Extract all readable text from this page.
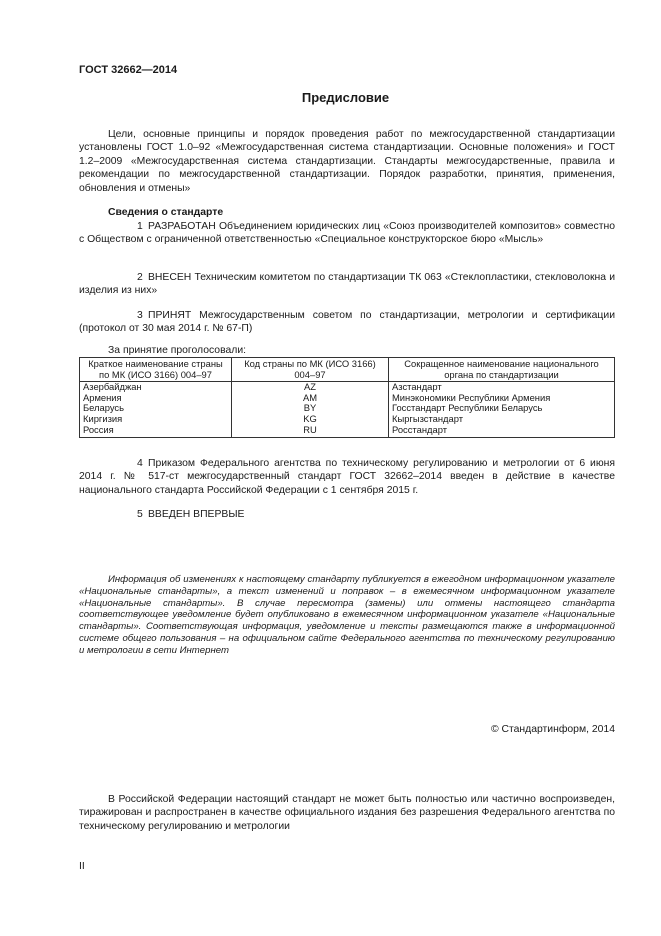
ГОСТ 32662—2014
Предисловие

Цели, основные принципы и порядок проведения работ по межгосударственной стандартизации установлены ГОСТ 1.0–92 «Межгосударственная система стандартизации. Основные положения» и ГОСТ 1.2–2009 «Межгосударственная система стандартизации. Стандарты межгосударственные, правила и рекомендации по межгосударственной стандартизации. Порядок разработки, принятия, применения, обновления и отмены»

Сведения о стандарте

1 РАЗРАБОТАН Объединением юридических лиц «Союз производителей композитов» совместно с Обществом с ограниченной ответственностью «Специальное конструкторское бюро «Мысль»

2 ВНЕСЕН Техническим комитетом по стандартизации ТК 063 «Стеклопластики, стекловолокна и изделия из них»

3 ПРИНЯТ Межгосударственным советом по стандартизации, метрологии и сертификации (протокол от 30 мая 2014 г. № 67-П)

За принятие проголосовали:
Краткое наименование страны по МК (ИСО 3166) 004–97	Код страны по МК (ИСО 3166) 004–97	Сокращенное наименование национального органа по стандартизации
Азербайджан	AZ	Азстандарт
Армения	AM	Минэкономики Республики Армения
Беларусь	BY	Госстандарт Республики Беларусь
Киргизия	KG	Кыргызстандарт
Россия	RU	Росстандарт

4 Приказом Федерального агентства по техническому регулированию и метрологии от 6 июня 2014 г. № 517-ст межгосударственный стандарт ГОСТ 32662–2014 введен в действие в качестве национального стандарта Российской Федерации с 1 сентября 2015 г.

5 ВВЕДЕН ВПЕРВЫЕ

Информация об изменениях к настоящему стандарту публикуется в ежегодном информационном указателе «Национальные стандарты», а текст изменений и поправок – в ежемесячном информационном указателе «Национальные стандарты». В случае пересмотра (замены) или отмены настоящего стандарта соответствующее уведомление будет опубликовано в ежемесячном информационном указателе «Национальные стандарты». Соответствующая информация, уведомление и тексты размещаются также в информационной системе общего пользования – на официальном сайте Федерального агентства по техническому регулированию и метрологии в сети Интернет

© Стандартинформ, 2014

В Российской Федерации настоящий стандарт не может быть полностью или частично воспроизведен, тиражирован и распространен в качестве официального издания без разрешения Федерального агентства по техническому регулированию и метрологии

II
